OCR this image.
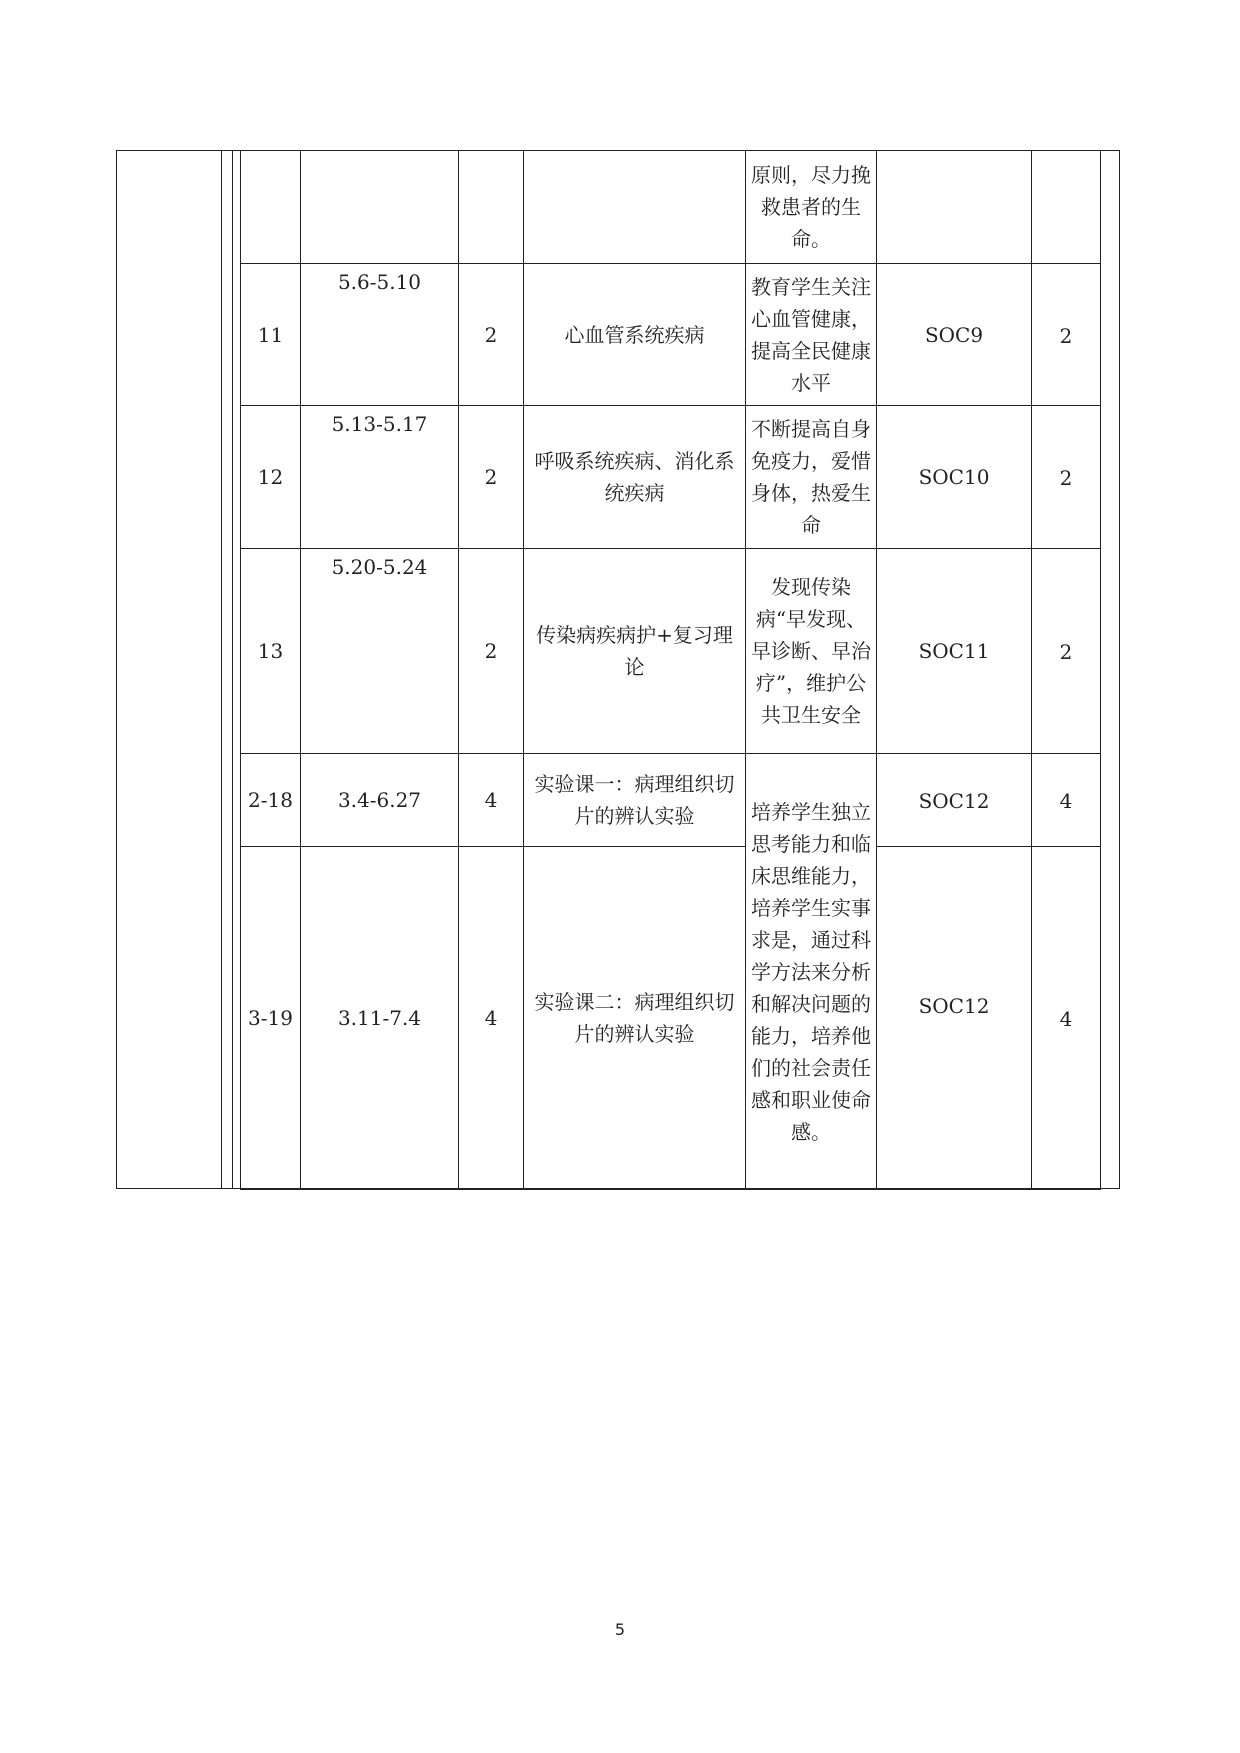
				原则，尽力挽救患者的生命。		
11	5.6-5.10	2	心血管系统疾病	教育学生关注心血管健康，提高全民健康水平	SOC9	2
12	5.13-5.17	2	呼吸系统疾病、消化系统疾病	不断提高自身免疫力，爱惜身体，热爱生命	SOC10	2
13	5.20-5.24	2	传染病疾病护+复习理论	发现传染病“早发现、早诊断、早治疗”，维护公共卫生安全	SOC11	2
2-18	3.4-6.27	4	实验课一：病理组织切片的辨认实验	培养学生独立思考能力和临床思维能力，培养学生实事求是，通过科学方法来分析和解决问题的能力，培养他们的社会责任感和职业使命感。	SOC12	4
3-19	3.11-7.4	4	实验课二：病理组织切片的辨认实验		SOC12	4
5
